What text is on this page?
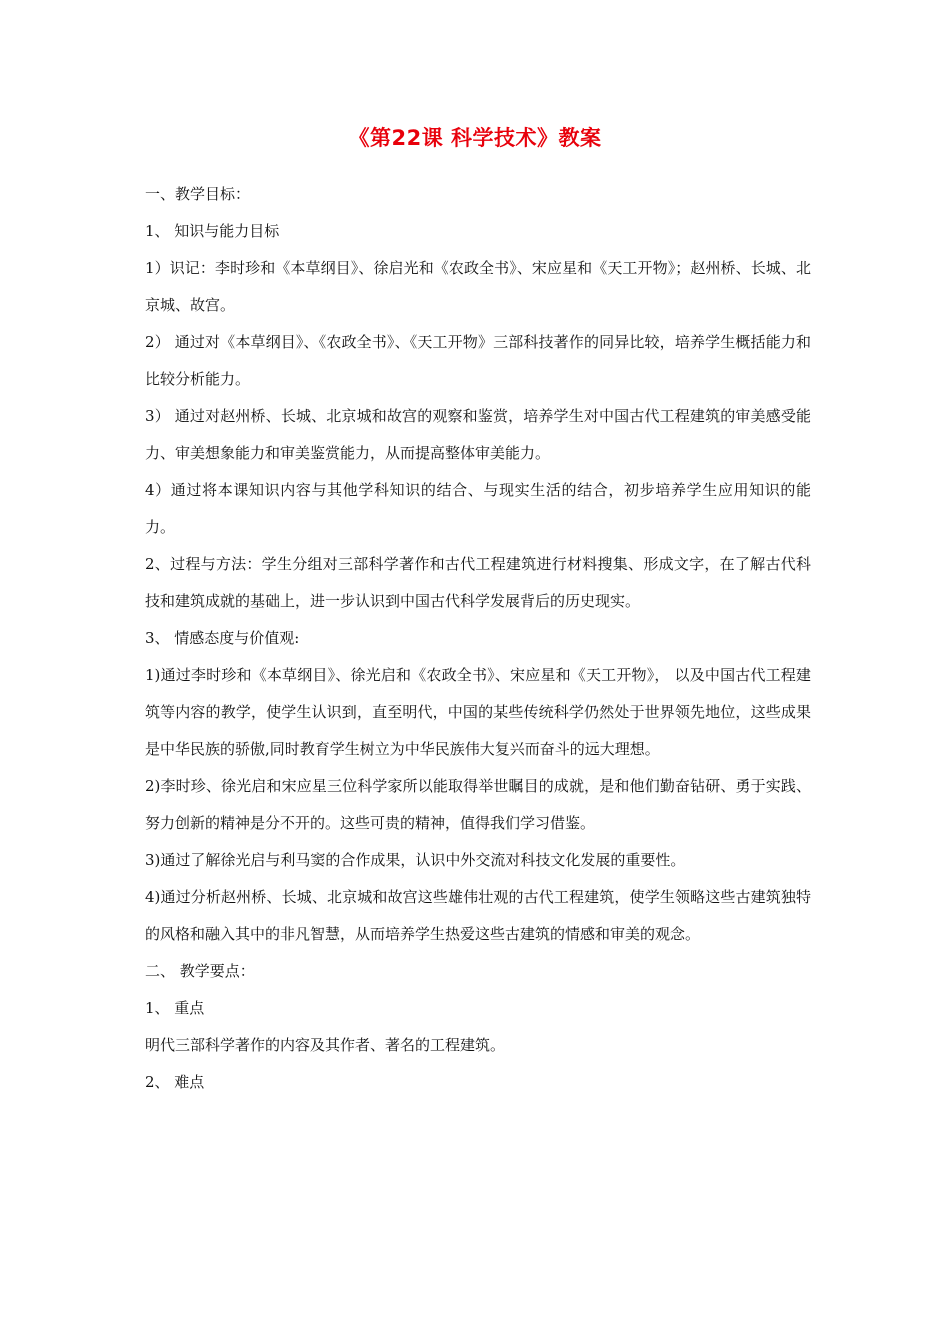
《第22课 科学技术》教案

一、教学目标：

1、 知识与能力目标

1）识记：李时珍和《本草纲目》、徐启光和《农政全书》、宋应星和《天工开物》；赵州桥、长城、北京城、故宫。

2） 通过对《本草纲目》、《农政全书》、《天工开物》三部科技著作的同异比较，培养学生概括能力和比较分析能力。

3） 通过对赵州桥、长城、北京城和故宫的观察和鉴赏，培养学生对中国古代工程建筑的审美感受能力、审美想象能力和审美鉴赏能力，从而提高整体审美能力。

4）通过将本课知识内容与其他学科知识的结合、与现实生活的结合，初步培养学生应用知识的能力。

2、过程与方法：学生分组对三部科学著作和古代工程建筑进行材料搜集、形成文字，在了解古代科技和建筑成就的基础上，进一步认识到中国古代科学发展背后的历史现实。

3、 情感态度与价值观:

1)通过李时珍和《本草纲目》、徐光启和《农政全书》、宋应星和《天工开物》， 以及中国古代工程建筑等内容的教学，使学生认识到，直至明代，中国的某些传统科学仍然处于世界领先地位，这些成果是中华民族的骄傲,同时教育学生树立为中华民族伟大复兴而奋斗的远大理想。

2)李时珍、徐光启和宋应星三位科学家所以能取得举世瞩目的成就，是和他们勤奋钻研、勇于实践、努力创新的精神是分不开的。这些可贵的精神，值得我们学习借鉴。

3)通过了解徐光启与利马窦的合作成果，认识中外交流对科技文化发展的重要性。

4)通过分析赵州桥、长城、北京城和故宫这些雄伟壮观的古代工程建筑，使学生领略这些古建筑独特的风格和融入其中的非凡智慧，从而培养学生热爱这些古建筑的情感和审美的观念。

二、 教学要点：

1、 重点

明代三部科学著作的内容及其作者、著名的工程建筑。

2、 难点
